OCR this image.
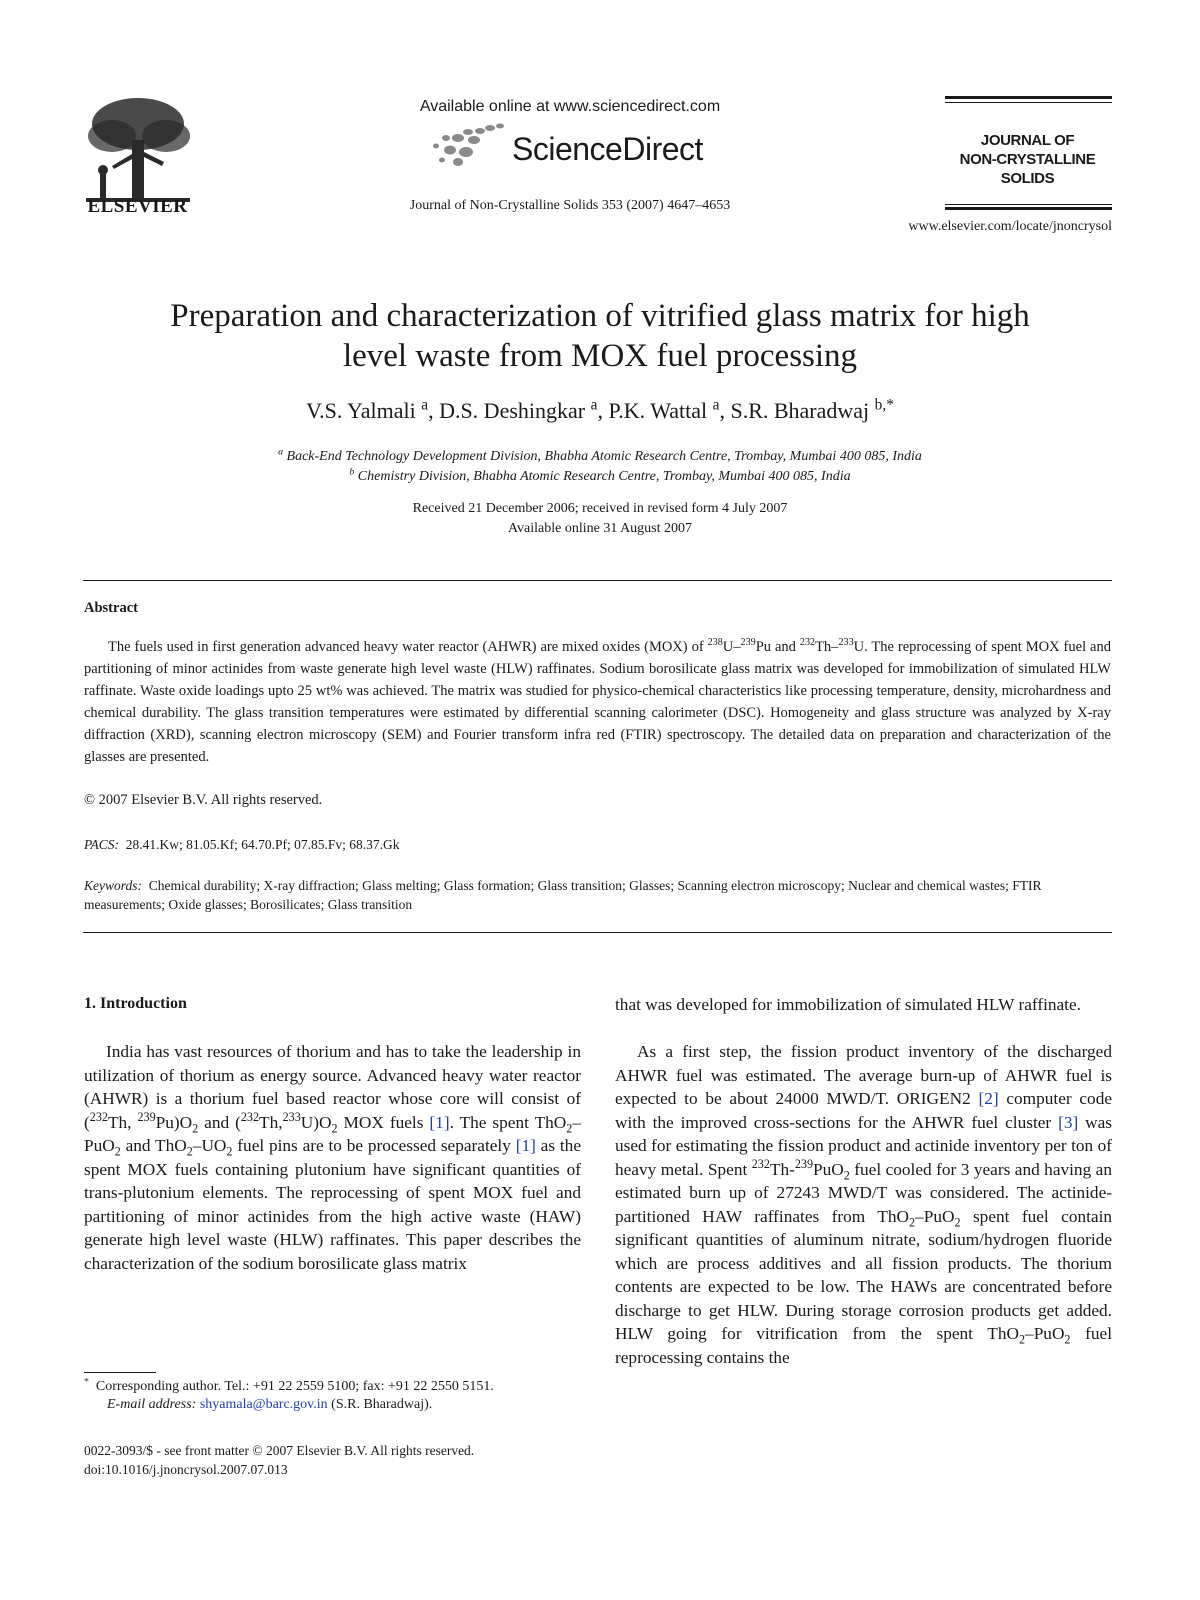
ELSEVIER
Available online at www.sciencedirect.com
ScienceDirect
Journal of Non-Crystalline Solids 353 (2007) 4647–4653
JOURNAL OF
NON-CRYSTALLINE SOLIDS
www.elsevier.com/locate/jnoncrysol
Preparation and characterization of vitrified glass matrix for high
level waste from MOX fuel processing
V.S. Yalmali $^a$, D.S. Deshingkar $^a$, P.K. Wattal $^a$, S.R. Bharadwaj $^{b,*}$
$^a$ Back-End Technology Development Division, Bhabha Atomic Research Centre, Trombay, Mumbai 400 085, India
$^b$ Chemistry Division, Bhabha Atomic Research Centre, Trombay, Mumbai 400 085, India
Received 21 December 2006; received in revised form 4 July 2007
Available online 31 August 2007
Abstract
The fuels used in first generation advanced heavy water reactor (AHWR) are mixed oxides (MOX) of $^{238}$U–$^{239}$Pu and $^{232}$Th–$^{233}$U. The reprocessing of spent MOX fuel and partitioning of minor actinides from waste generate high level waste (HLW) raffinates. Sodium borosilicate glass matrix was developed for immobilization of simulated HLW raffinate. Waste oxide loadings upto 25 wt% was achieved. The matrix was studied for physico-chemical characteristics like processing temperature, density, microhardness and chemical durability. The glass transition temperatures were estimated by differential scanning calorimeter (DSC). Homogeneity and glass structure was analyzed by X-ray diffraction (XRD), scanning electron microscopy (SEM) and Fourier transform infra red (FTIR) spectroscopy. The detailed data on preparation and characterization of the glasses are presented.
© 2007 Elsevier B.V. All rights reserved.
PACS: 28.41.Kw; 81.05.Kf; 64.70.Pf; 07.85.Fv; 68.37.Gk
Keywords: Chemical durability; X-ray diffraction; Glass melting; Glass formation; Glass transition; Glasses; Scanning electron microscopy; Nuclear and chemical wastes; FTIR measurements; Oxide glasses; Borosilicates; Glass transition
1. Introduction
India has vast resources of thorium and has to take the leadership in utilization of thorium as energy source. Advanced heavy water reactor (AHWR) is a thorium fuel based reactor whose core will consist of ($^{232}$Th, $^{239}Pu)O_2$ and $(^{232}Th,^{233}U)O_2$ MOX fuels [1]. The spent ThO$_2$–PuO$_2$ and $ThO_2-UO_2$ fuel pins are to be processed separately [1] as the spent MOX fuels containing plutonium have significant quantities of trans-plutonium elements. The reprocessing of spent MOX fuel and partitioning of minor actinides from the high active waste (HAW) generate high level waste (HLW) raffinates. This paper describes the characterization of the sodium borosilicate glass matrix
that was developed for immobilization of simulated HLW raffinate.
As a first step, the fission product inventory of the discharged AHWR fuel was estimated. The average burn-up of AHWR fuel is expected to be about 24000 MWD/T. ORIGEN2 [2] computer code with the improved cross-sections for the AHWR fuel cluster [3] was used for estimating the fission product and actinide inventory per ton of heavy metal. Spent $^{232}$Th-$^{239}$PuO$_2$ fuel cooled for 3 years and having an estimated burn up of 27243 MWD/T was considered. The actinide-partitioned HAW raffinates from ThO$_2$–PuO$_2$ spent fuel contain significant quantities of aluminum nitrate, sodium/hydrogen fluoride which are process additives and all fission products. The thorium contents are expected to be low. The HAWs are concentrated before discharge to get HLW. During storage corrosion products get added. HLW going for vitrification from the spent ThO$_2$–PuO$_2$ fuel reprocessing contains the
* Corresponding author. Tel.: +91 22 2559 5100; fax: +91 22 2550 5151.
E-mail address: shyamala@barc.gov.in (S.R. Bharadwaj).
0022-3093/$ - see front matter © 2007 Elsevier B.V. All rights reserved.
doi:10.1016/j.jnoncrysol.2007.07.013
